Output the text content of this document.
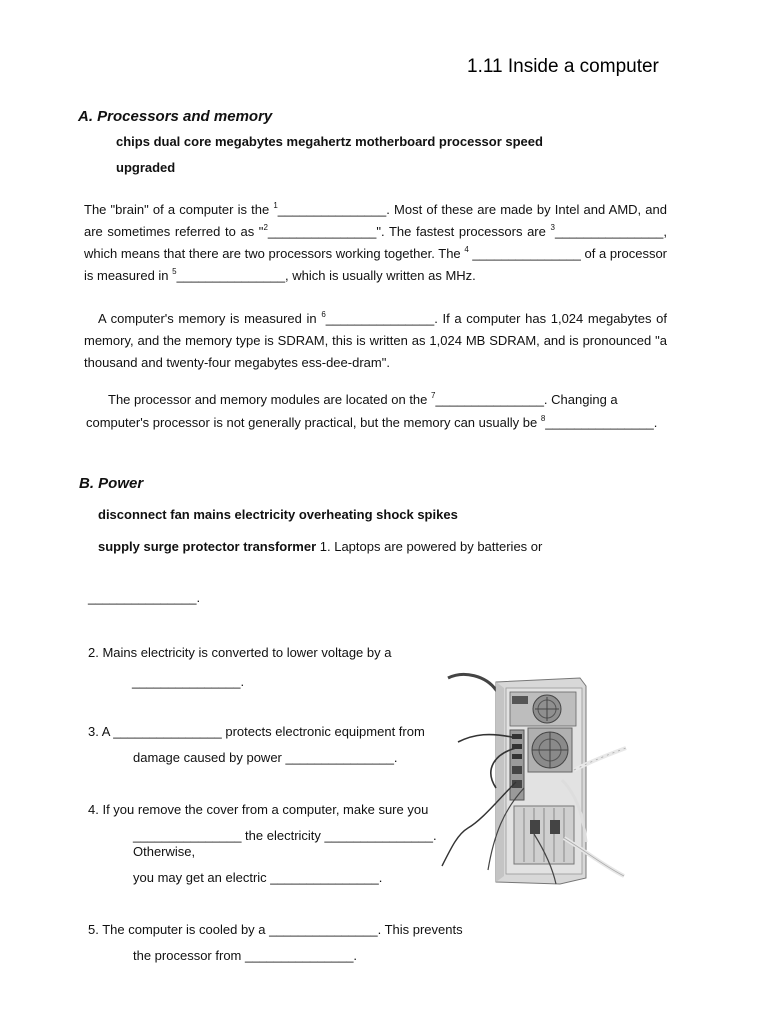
1.11 Inside a computer
A. Processors and memory
chips dual core megabytes megahertz motherboard processor speed
upgraded

The "brain" of a computer is the $^1$_______________. Most of these are made by Intel and AMD, and are sometimes referred to as "$^2$_______________". The fastest processors are $^3$_______________, which means that there are two processors working together. The $^4$ _______________ of a processor is measured in $^5$_______________, which is usually written as MHz.

A computer's memory is measured in $^6$_______________. If a computer has 1,024 megabytes of memory, and the memory type is SDRAM, this is written as 1,024 MB SDRAM, and is pronounced "a thousand and twenty-four megabytes ess-dee-dram".

The processor and memory modules are located on the $^7$_______________. Changing a
computer's processor is not generally practical, but the memory can usually be $^8$_______________.
B. Power
disconnect fan mains electricity overheating shock spikes
supply surge protector transformer 1. Laptops are powered by batteries or
_______________.
2. Mains electricity is converted to lower voltage by a
_______________.
3. A _______________ protects electronic equipment from
damage caused by power _______________.
4. If you remove the cover from a computer, make sure you
_______________ the electricity _______________.
Otherwise,
you may get an electric _______________.
5. The computer is cooled by a _______________. This prevents
the processor from _______________.
